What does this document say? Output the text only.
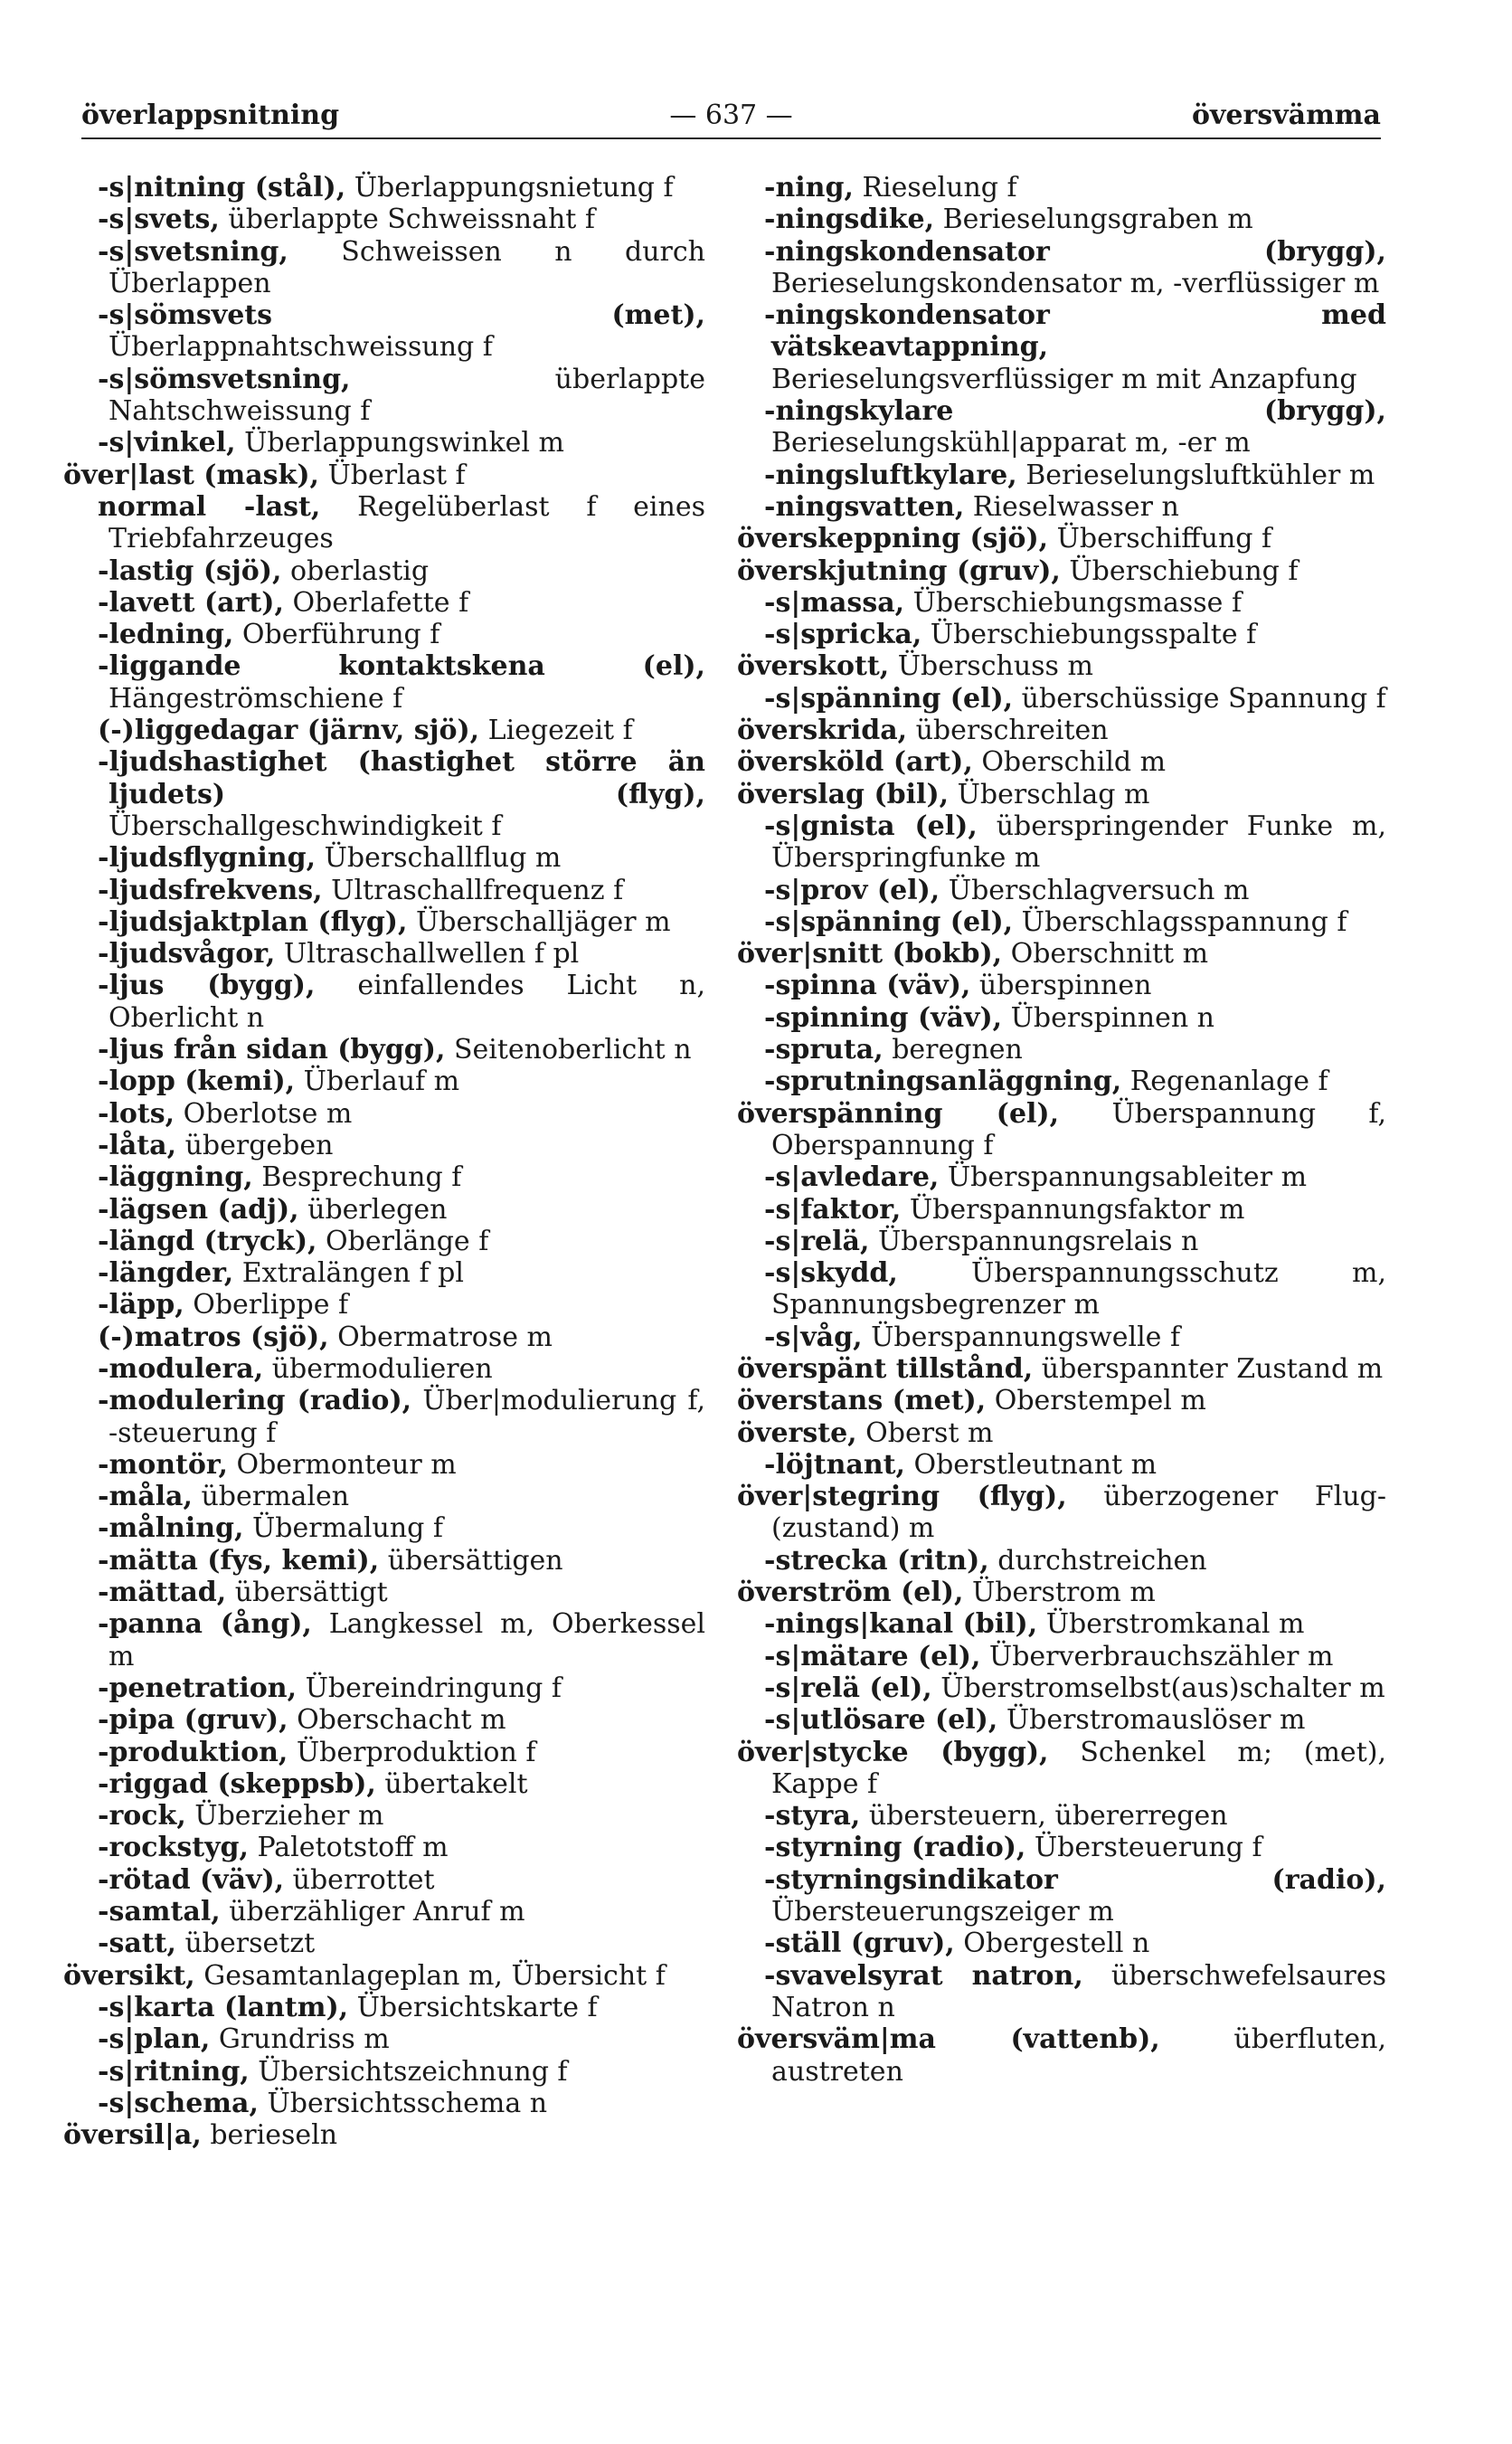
överlappsnitning	— 637 —	översvämma

-s|nitning (stål), Überlappungsnietung f

-s|svets, überlappte Schweissnaht f

-s|svetsning, Schweissen n durch Überlappen

-s|sömsvets (met), Überlappnahtschweissung f

-s|sömsvetsning, überlappte Nahtschweissung f

-s|vinkel, Überlappungswinkel m

över|last (mask), Überlast f

normal -last, Regelüberlast f eines Triebfahrzeuges

-lastig (sjö), oberlastig

-lavett (art), Oberlafette f

-ledning, Oberführung f

-liggande kontaktskena (el), Hängeströmschiene f

(-)liggedagar (järnv, sjö), Liegezeit f

-ljudshastighet (hastighet större än ljudets) (flyg), Überschallgeschwindigkeit f

-ljudsflygning, Überschallflug m

-ljudsfrekvens, Ultraschallfrequenz f

-ljudsjaktplan (flyg), Überschalljäger m

-ljudsvågor, Ultraschallwellen f pl

-ljus (bygg), einfallendes Licht n, Oberlicht n

-ljus från sidan (bygg), Seitenoberlicht n

-lopp (kemi), Überlauf m

-lots, Oberlotse m

-låta, übergeben

-läggning, Besprechung f

-lägsen (adj), überlegen

-längd (tryck), Oberlänge f

-längder, Extralängen f pl

-läpp, Oberlippe f

(-)matros (sjö), Obermatrose m

-modulera, übermodulieren

-modulering (radio), Über|modulierung f, -steuerung f

-montör, Obermonteur m

-måla, übermalen

-målning, Übermalung f

-mätta (fys, kemi), übersättigen

-mättad, übersättigt

-panna (ång), Langkessel m, Oberkessel m

-penetration, Übereindringung f

-pipa (gruv), Oberschacht m

-produktion, Überproduktion f

-riggad (skeppsb), übertakelt

-rock, Überzieher m

-rockstyg, Paletotstoff m

-rötad (väv), überrottet

-samtal, überzähliger Anruf m

-satt, übersetzt

översikt, Gesamtanlageplan m, Übersicht f

-s|karta (lantm), Übersichtskarte f

-s|plan, Grundriss m

-s|ritning, Übersichtszeichnung f

-s|schema, Übersichtsschema n

översil|a, berieseln

-ning, Rieselung f

-ningsdike, Berieselungsgraben m

-ningskondensator (brygg), Berieselungskondensator m, -verflüssiger m

-ningskondensator med vätskeavtappning, Berieselungsverflüssiger m mit Anzapfung

-ningskylare (brygg), Berieselungskühl|apparat m, -er m

-ningsluftkylare, Berieselungsluftkühler m

-ningsvatten, Rieselwasser n

överskeppning (sjö), Überschiffung f

överskjutning (gruv), Überschiebung f

-s|massa, Überschiebungsmasse f

-s|spricka, Überschiebungsspalte f

överskott, Überschuss m

-s|spänning (el), überschüssige Spannung f

överskrida, überschreiten

översköld (art), Oberschild m

överslag (bil), Überschlag m

-s|gnista (el), überspringender Funke m, Überspringfunke m

-s|prov (el), Überschlagversuch m

-s|spänning (el), Überschlagsspannung f

över|snitt (bokb), Oberschnitt m

-spinna (väv), überspinnen

-spinning (väv), Überspinnen n

-spruta, beregnen

-sprutningsanläggning, Regenanlage f

överspänning (el), Überspannung f, Oberspannung f

-s|avledare, Überspannungsableiter m

-s|faktor, Überspannungsfaktor m

-s|relä, Überspannungsrelais n

-s|skydd, Überspannungsschutz m, Spannungsbegrenzer m

-s|våg, Überspannungswelle f

överspänt tillstånd, überspannter Zustand m

överstans (met), Oberstempel m

överste, Oberst m

-löjtnant, Oberstleutnant m

över|stegring (flyg), überzogener Flug-(zustand) m

-strecka (ritn), durchstreichen

överström (el), Überstrom m

-nings|kanal (bil), Überstromkanal m

-s|mätare (el), Überverbrauchszähler m

-s|relä (el), Überstromselbst(aus)schalter m

-s|utlösare (el), Überstromauslöser m

över|stycke (bygg), Schenkel m; (met), Kappe f

-styra, übersteuern, übererregen

-styrning (radio), Übersteuerung f

-styrningsindikator (radio), Übersteuerungszeiger m

-ställ (gruv), Obergestell n

-svavelsyrat natron, überschwefelsaures Natron n

översväm|ma (vattenb), überfluten, austreten
